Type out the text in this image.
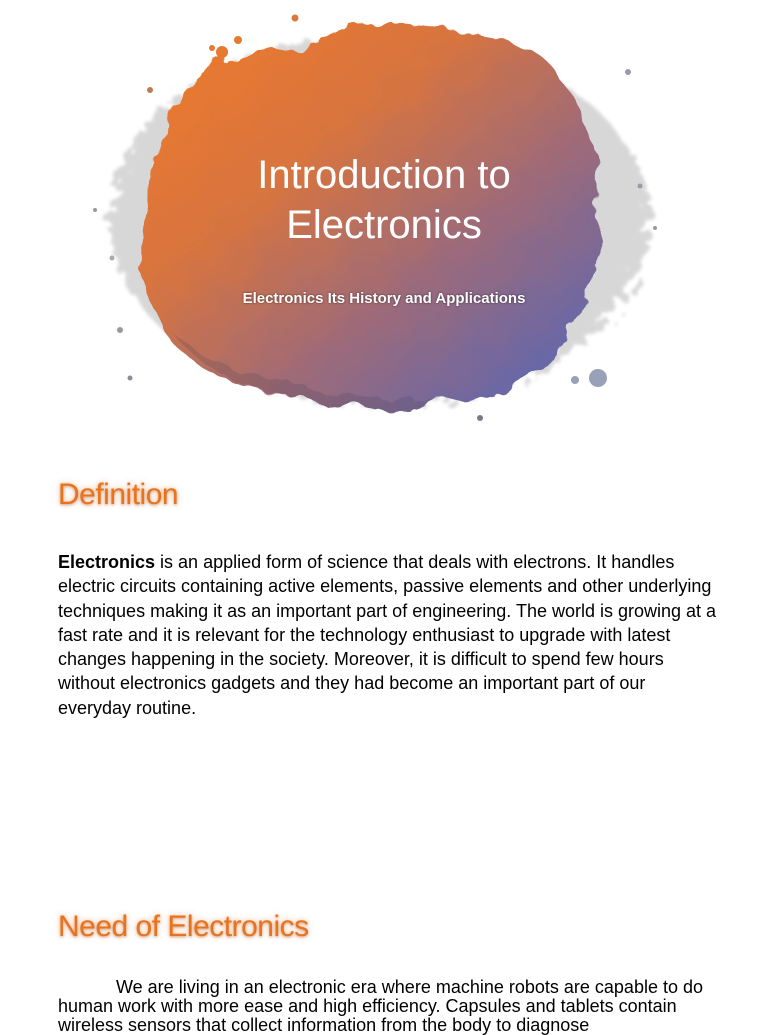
Introduction to
Electronics
Electronics Its History and Applications
Definition

Electronics is an applied form of science that deals with electrons. It handles electric circuits containing active elements, passive elements and other underlying techniques making it as an important part of engineering. The world is growing at a fast rate and it is relevant for the technology enthusiast to upgrade with latest changes happening in the society. Moreover, it is difficult to spend few hours without electronics gadgets and they had become an important part of our everyday routine.

Need of Electronics

We are living in an electronic era where machine robots are capable to do human work with more ease and high efficiency. Capsules and tablets contain wireless sensors that collect information from the body to diagnose
